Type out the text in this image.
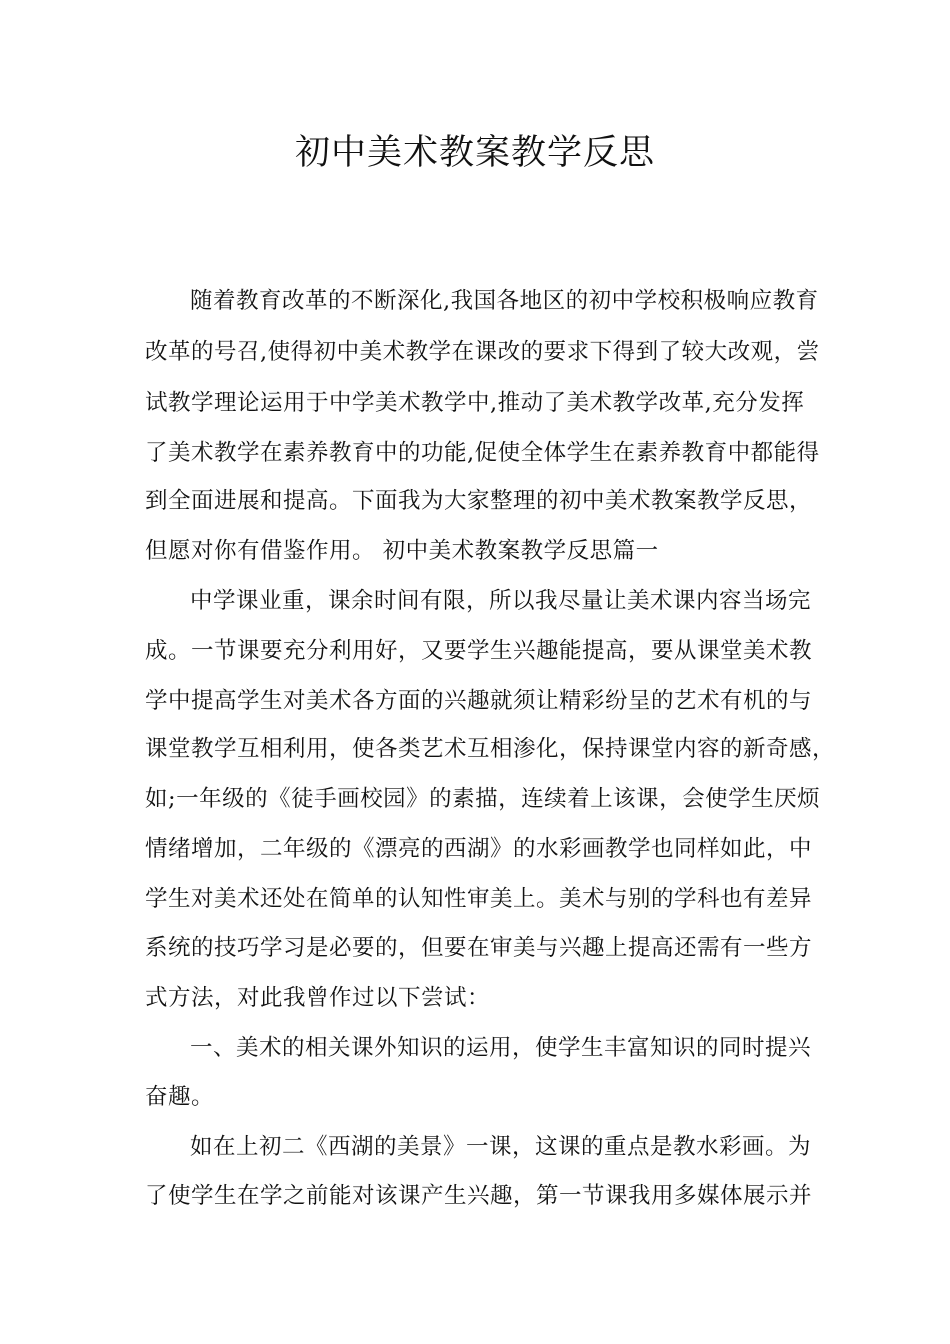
初中美术教案教学反思
随着教育改革的不断深化,我国各地区的初中学校积极响应教育
改革的号召,使得初中美术教学在课改的要求下得到了较大改观，尝
试教学理论运用于中学美术教学中,推动了美术教学改革,充分发挥
了美术教学在素养教育中的功能,促使全体学生在素养教育中都能得
到全面进展和提高。下面我为大家整理的初中美术教案教学反思，
但愿对你有借鉴作用。 初中美术教案教学反思篇一
中学课业重，课余时间有限，所以我尽量让美术课内容当场完
成。一节课要充分利用好，又要学生兴趣能提高，要从课堂美术教
学中提高学生对美术各方面的兴趣就须让精彩纷呈的艺术有机的与
课堂教学互相利用，使各类艺术互相渗化，保持课堂内容的新奇感，
如;一年级的《徒手画校园》的素描，连续着上该课，会使学生厌烦
情绪增加，二年级的《漂亮的西湖》的水彩画教学也同样如此，中
学生对美术还处在简单的认知性审美上。美术与别的学科也有差异
系统的技巧学习是必要的，但要在审美与兴趣上提高还需有一些方
式方法，对此我曾作过以下尝试：
一、美术的相关课外知识的运用，使学生丰富知识的同时提兴
奋趣。
如在上初二《西湖的美景》一课，这课的重点是教水彩画。为
了使学生在学之前能对该课产生兴趣，第一节课我用多媒体展示并
